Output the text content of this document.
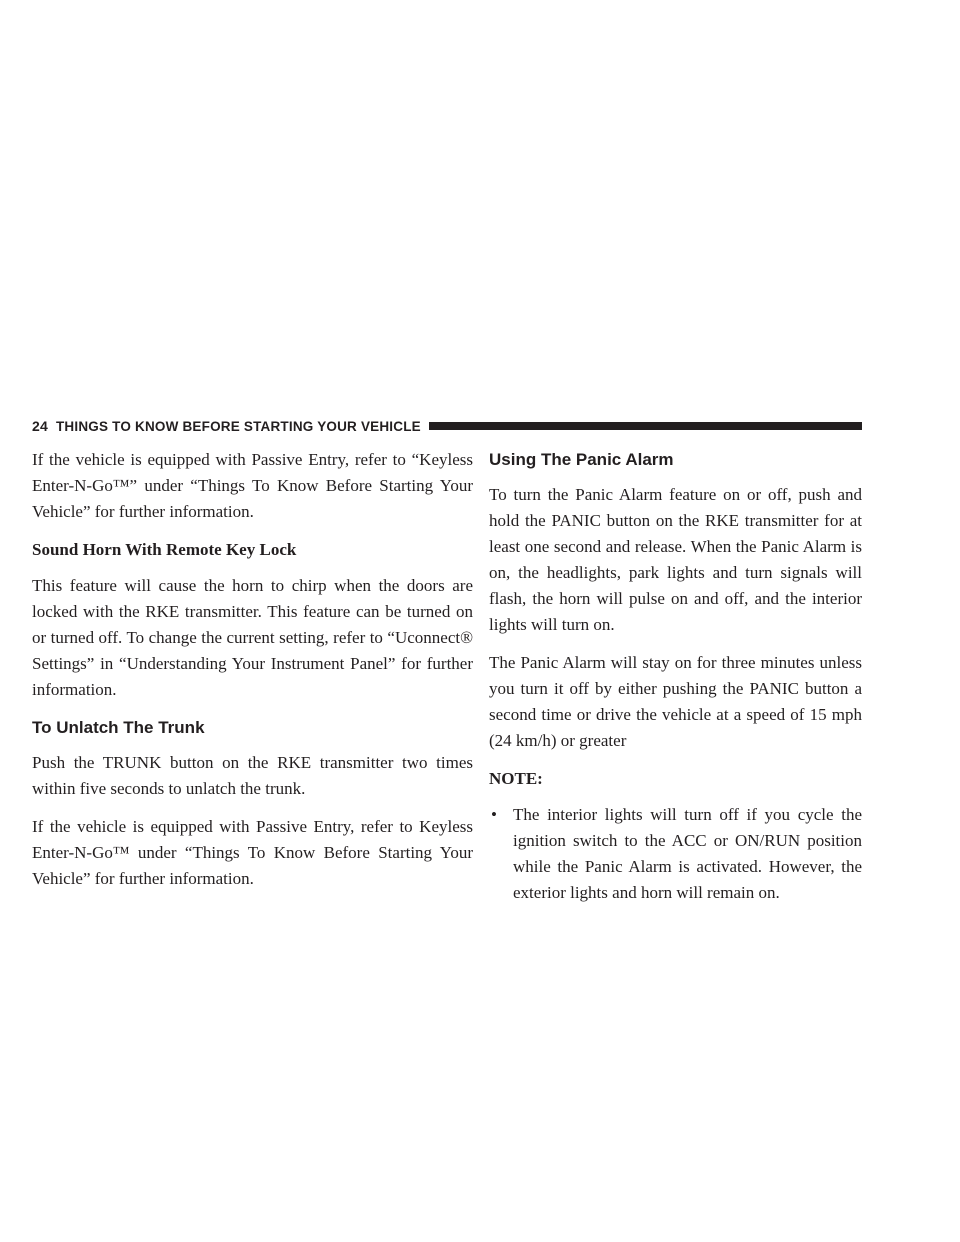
24 THINGS TO KNOW BEFORE STARTING YOUR VEHICLE

If the vehicle is equipped with Passive Entry, refer to “Keyless Enter-N-Go™” under “Things To Know Before Starting Your Vehicle” for further information.

Sound Horn With Remote Key Lock

This feature will cause the horn to chirp when the doors are locked with the RKE transmitter. This feature can be turned on or turned off. To change the current setting, refer to “Uconnect® Settings” in “Understanding Your Instrument Panel” for further information.

To Unlatch The Trunk

Push the TRUNK button on the RKE transmitter two times within five seconds to unlatch the trunk.

If the vehicle is equipped with Passive Entry, refer to Keyless Enter-N-Go™ under “Things To Know Before Starting Your Vehicle” for further information.

Using The Panic Alarm

To turn the Panic Alarm feature on or off, push and hold the PANIC button on the RKE transmitter for at least one second and release. When the Panic Alarm is on, the headlights, park lights and turn signals will flash, the horn will pulse on and off, and the interior lights will turn on.

The Panic Alarm will stay on for three minutes unless you turn it off by either pushing the PANIC button a second time or drive the vehicle at a speed of 15 mph (24 km/h) or greater

NOTE:
• The interior lights will turn off if you cycle the ignition switch to the ACC or ON/RUN position while the Panic Alarm is activated. However, the exterior lights and horn will remain on.
